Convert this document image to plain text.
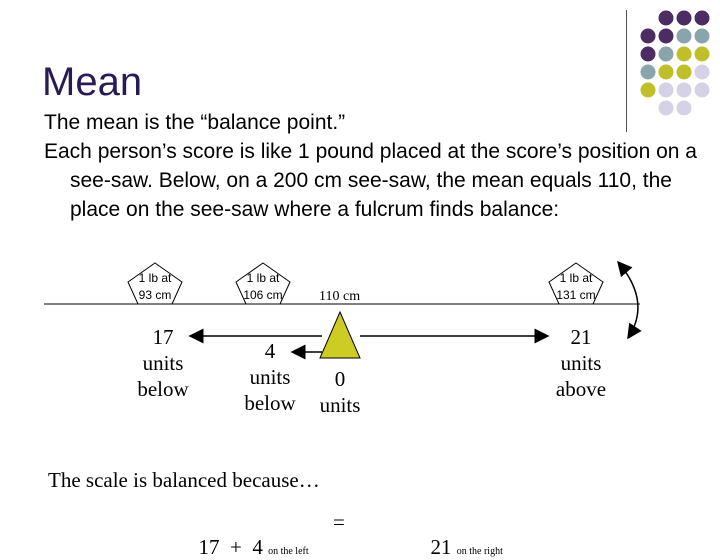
Mean

The mean is the “balance point.”

Each person’s score is like 1 pound placed at the score’s position on a see-saw. Below, on a 200 cm see-saw, the mean equals 110, the place on the see-saw where a fulcrum finds balance:

1 lb at
93 cm
1 lb at
106 cm
1 lb at
131 cm
110 cm
17
units
below
4
units
below
0
units
21
units
above
The scale is balanced because…

17  +  4 on the left

=

21 on the right
